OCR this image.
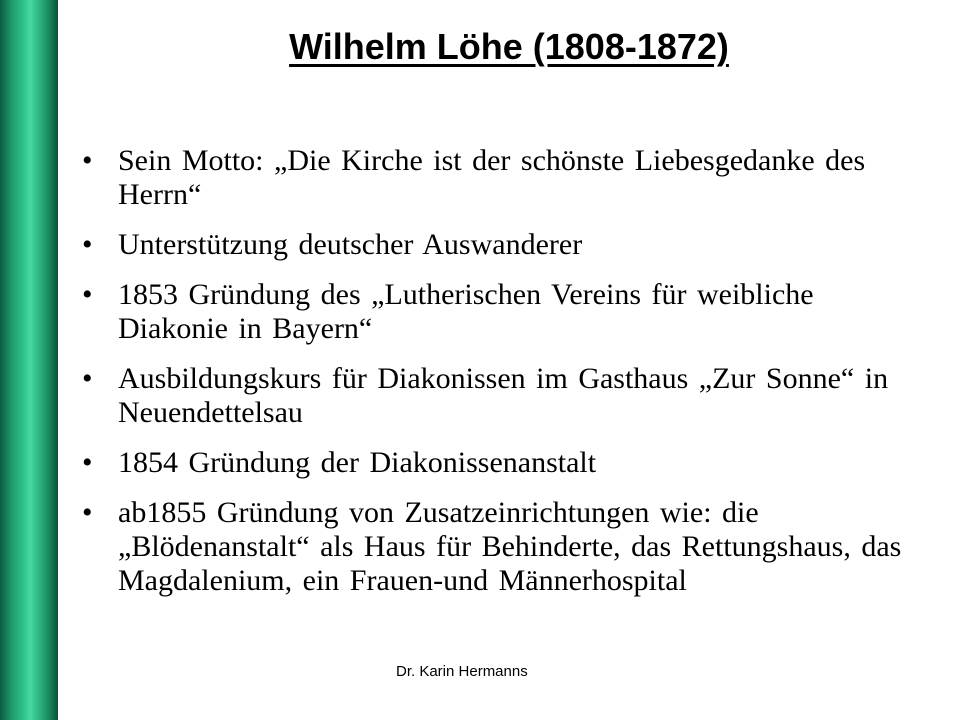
Wilhelm Löhe (1808-1872)
• Sein Motto: „Die Kirche ist der schönste Liebesgedanke des Herrn“
• Unterstützung deutscher Auswanderer
• 1853 Gründung des „Lutherischen Vereins für weibliche Diakonie in Bayern“
• Ausbildungskurs für Diakonissen im Gasthaus „Zur Sonne“ in Neuendettelsau
• 1854 Gründung der Diakonissenanstalt
• ab1855 Gründung von Zusatzeinrichtungen wie: die „Blödenanstalt“ als Haus für Behinderte, das Rettungshaus, das Magdalenium, ein Frauen-und Männerhospital
Dr. Karin Hermanns
